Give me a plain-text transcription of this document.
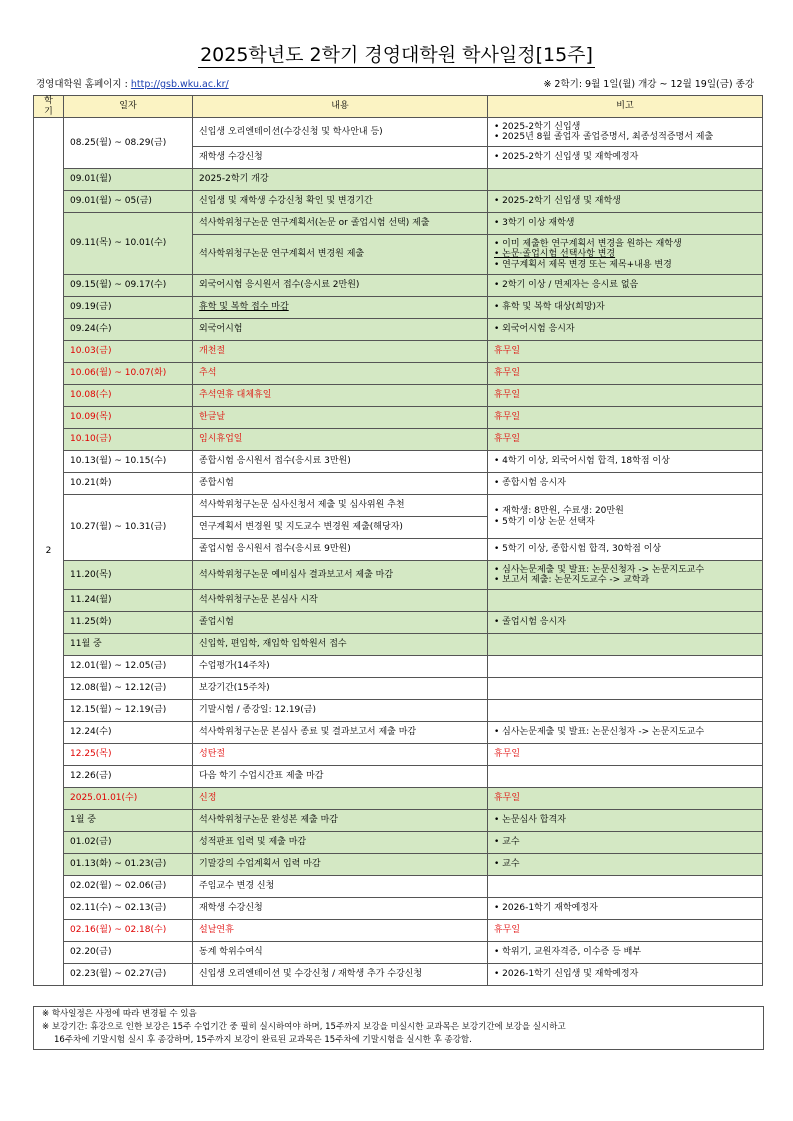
2025학년도 2학기 경영대학원 학사일정[15주]
경영대학원 홈페이지 : http://gsb.wku.ac.kr/	※ 2학기: 9월 1일(월) 개강 ~ 12월 19일(금) 종강
학기	일자	내용	비고
2	08.25(월) ~ 08.29(금)	신입생 오리엔테이션(수강신청 및 학사안내 등)	• 2025-2학기 신입생
• 2025년 8월 졸업자 졸업증명서, 최종성적증명서 제출

		재학생 수강신청	• 2025-2학기 신입생 및 재학예정자
	09.01(월)	2025-2학기 개강	
	09.01(월) ~ 05(금)	신입생 및 재학생 수강신청 확인 및 변경기간	• 2025-2학기 신입생 및 재학생
	09.11(목) ~ 10.01(수)	석사학위청구논문 연구계획서(논문 or 졸업시험 선택) 제출	• 3학기 이상 재학생
		석사학위청구논문 연구계획서 변경원 제출	• 이미 제출한 연구계획서 변경을 원하는 재학생
• 논문·졸업시험 선택사항 변경
• 연구계획서 제목 변경 또는 제목+내용 변경

	09.15(월) ~ 09.17(수)	외국어시험 응시원서 접수(응시료 2만원)	• 2학기 이상 / 면제자는 응시료 없음
	09.19(금)	휴학 및 복학 접수 마감	• 휴학 및 복학 대상(희망)자
	09.24(수)	외국어시험	• 외국어시험 응시자
	10.03(금)	개천절	휴무일
	10.06(월) ~ 10.07(화)	추석	휴무일
	10.08(수)	추석연휴 대체휴일	휴무일
	10.09(목)	한글날	휴무일
	10.10(금)	임시휴업일	휴무일
	10.13(월) ~ 10.15(수)	종합시험 응시원서 접수(응시료 3만원)	• 4학기 이상, 외국어시험 합격, 18학점 이상
	10.21(화)	종합시험	• 종합시험 응시자
	10.27(월) ~ 10.31(금)	석사학위청구논문 심사신청서 제출 및 심사위원 추천	• 재학생: 8만원, 수료생: 20만원
• 5학기 이상 논문 선택자

		연구계획서 변경원 및 지도교수 변경원 제출(해당자)	
		졸업시험 응시원서 접수(응시료 9만원)	• 5학기 이상, 종합시험 합격, 30학점 이상
	11.20(목)	석사학위청구논문 예비심사 결과보고서 제출 마감	• 심사논문제출 및 발표: 논문신청자 -> 논문지도교수
• 보고서 제출: 논문지도교수 -> 교학과

	11.24(월)	석사학위청구논문 본심사 시작	
	11.25(화)	졸업시험	• 졸업시험 응시자
	11월 중	신입학, 편입학, 재입학 입학원서 접수	
	12.01(월) ~ 12.05(금)	수업평가(14주차)	
	12.08(월) ~ 12.12(금)	보강기간(15주차)	
	12.15(월) ~ 12.19(금)	기말시험 / 종강일: 12.19(금)	
	12.24(수)	석사학위청구논문 본심사 종료 및 결과보고서 제출 마감	• 심사논문제출 및 발표: 논문신청자 -> 논문지도교수
	12.25(목)	성탄절	휴무일
	12.26(금)	다음 학기 수업시간표 제출 마감	
	2025.01.01(수)	신정	휴무일
	1월 중	석사학위청구논문 완성본 제출 마감	• 논문심사 합격자
	01.02(금)	성적판표 입력 및 제출 마감	• 교수
	01.13(화) ~ 01.23(금)	기말강의 수업계획서 입력 마감	• 교수
	02.02(월) ~ 02.06(금)	주임교수 변경 신청	
	02.11(수) ~ 02.13(금)	재학생 수강신청	• 2026-1학기 재학예정자
	02.16(월) ~ 02.18(수)	설날연휴	휴무일
	02.20(금)	동계 학위수여식	• 학위기, 교원자격증, 이수증 등 배부
	02.23(월) ~ 02.27(금)	신입생 오리엔테이션 및 수강신청 / 재학생 추가 수강신청	• 2026-1학기 신입생 및 재학예정자
※ 학사일정은 사정에 따라 변경될 수 있음
※ 보강기간: 휴강으로 인한 보강은 15주 수업기간 중 필히 실시하여야 하며, 15주까지 보강을 미실시한 교과목은 보강기간에 보강을 실시하고
16주차에 기말시험 실시 후 종강하며, 15주까지 보강이 완료된 교과목은 15주차에 기말시험을 실시한 후 종강함.
